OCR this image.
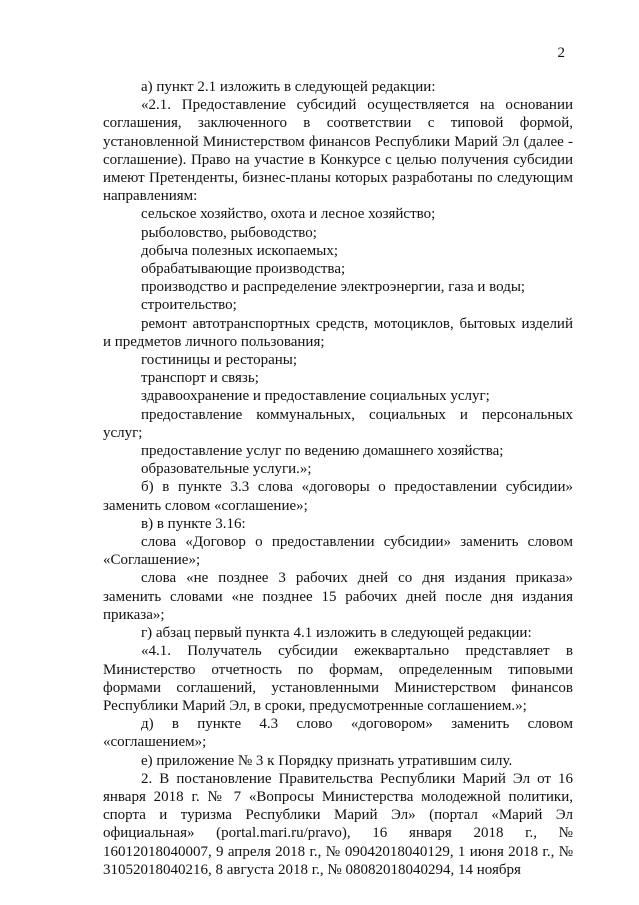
2

а) пункт 2.1 изложить в следующей редакции:

«2.1. Предоставление субсидий осуществляется на основании соглашения, заключенного в соответствии с типовой формой, установленной Министерством финансов Республики Марий Эл (далее - соглашение). Право на участие в Конкурсе с целью получения субсидии имеют Претенденты, бизнес-планы которых разработаны по следующим направлениям:

сельское хозяйство, охота и лесное хозяйство;

рыболовство, рыбоводство;

добыча полезных ископаемых;

обрабатывающие производства;

производство и распределение электроэнергии, газа и воды;

строительство;

ремонт автотранспортных средств, мотоциклов, бытовых изделий и предметов личного пользования;

гостиницы и рестораны;

транспорт и связь;

здравоохранение и предоставление социальных услуг;

предоставление коммунальных, социальных и персональных услуг;

предоставление услуг по ведению домашнего хозяйства;

образовательные услуги.»;

б) в пункте 3.3 слова «договоры о предоставлении субсидии» заменить словом «соглашение»;

в) в пункте 3.16:

слова «Договор о предоставлении субсидии» заменить словом «Соглашение»;

слова «не позднее 3 рабочих дней со дня издания приказа» заменить словами «не позднее 15 рабочих дней после дня издания приказа»;

г) абзац первый пункта 4.1 изложить в следующей редакции:

«4.1. Получатель субсидии ежеквартально представляет в Министерство отчетность по формам, определенным типовыми формами соглашений, установленными Министерством финансов Республики Марий Эл, в сроки, предусмотренные соглашением.»;

д) в пункте 4.3 слово «договором» заменить словом «соглашением»;

е) приложение № 3 к Порядку признать утратившим силу.

2. В постановление Правительства Республики Марий Эл от 16 января 2018 г. № 7 «Вопросы Министерства молодежной политики, спорта и туризма Республики Марий Эл» (портал «Марий Эл официальная» (portal.mari.ru/pravo), 16 января 2018 г., № 16012018040007, 9 апреля 2018 г., № 09042018040129, 1 июня 2018 г., № 31052018040216, 8 августа 2018 г., № 08082018040294, 14 ноября
